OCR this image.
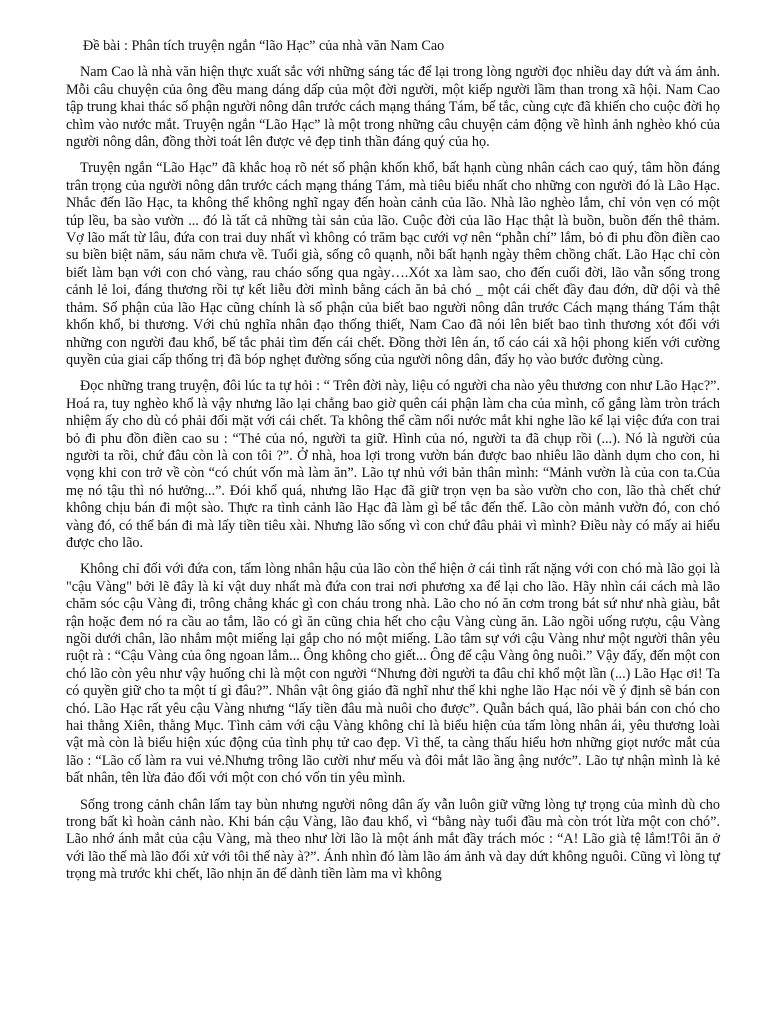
Đề bài : Phân tích truyện ngắn “lão Hạc” của nhà văn Nam Cao

Nam Cao là nhà văn hiện thực xuất sắc với những sáng tác để lại trong lòng người đọc nhiều day dứt và ám ảnh. Mỗi câu chuyện của ông đều mang dáng dấp của một đời người, một kiếp người lầm than trong xã hội. Nam Cao tập trung khai thác số phận người nông dân trước cách mạng tháng Tám, bế tắc, cùng cực đã khiến cho cuộc đời họ chìm vào nước mắt. Truyện ngắn “Lão Hạc” là một trong những câu chuyện cảm động về hình ảnh nghèo khó của người nông dân, đồng thời toát lên được vẻ đẹp tinh thần đáng quý của họ.

Truyện ngắn “Lão Hạc” đã khắc hoạ rõ nét số phận khốn khổ, bất hạnh cùng nhân cách cao quý, tâm hồn đáng trân trọng của người nông dân trước cách mạng tháng Tám, mà tiêu biểu nhất cho những con người đó là Lão Hạc. Nhắc đến lão Hạc, ta không thể không nghĩ ngay đến hoàn cảnh của lão. Nhà lão nghèo lắm, chỉ vỏn vẹn có một túp lều, ba sào vườn ... đó là tất cả những tài sản của lão. Cuộc đời của lão Hạc thật là buồn, buồn đến thê thảm. Vợ lão mất từ lâu, đứa con trai duy nhất vì không có trăm bạc cưới vợ nên “phẫn chí” lắm, bỏ đi phu đồn điền cao su biền biệt năm, sáu năm chưa về. Tuổi già, sống cô quạnh, nỗi bất hạnh ngày thêm chồng chất. Lão Hạc chỉ còn biết làm bạn với con chó vàng, rau cháo sống qua ngày….Xót xa làm sao, cho đến cuối đời, lão vẫn sống trong cảnh lẻ loi, đáng thương rồi tự kết liễu đời mình bằng cách ăn bả chó _ một cái chết đầy đau đớn, dữ dội và thê thảm. Số phận của lão Hạc cũng chính là số phận của biết bao người nông dân trước Cách mạng tháng Tám thật khốn khổ, bi thương. Với chủ nghĩa nhân đạo thống thiết, Nam Cao đã nói lên biết bao tình thương xót đối với những con người đau khổ, bế tắc phải tìm đến cái chết. Đồng thời lên án, tố cáo cái xã hội phong kiến với cường quyền của giai cấp thống trị đã bóp nghẹt đường sống của người nông dân, đẩy họ vào bước đường cùng.

Đọc những trang truyện, đôi lúc ta tự hỏi : “ Trên đời này, liệu có người cha nào yêu thương con như Lão Hạc?”. Hoá ra, tuy nghèo khổ là vậy nhưng lão lại chẳng bao giờ quên cái phận làm cha của mình, cố gắng làm tròn trách nhiệm ấy cho dù có phải đối mặt với cái chết. Ta không thể cầm nổi nước mắt khi nghe lão kể lại việc đứa con trai bỏ đi phu đồn điền cao su : “Thẻ của nó, người ta giữ. Hình của nó, người ta đã chụp rồi (...). Nó là người của người ta rồi, chứ đâu còn là con tôi ?”. Ở nhà, hoa lợi trong vườn bán được bao nhiêu lão dành dụm cho con, hi vọng khi con trở về còn “có chút vốn mà làm ăn”. Lão tự nhủ với bản thân mình: “Mảnh vườn là của con ta.Của mẹ nó tậu thì nó hưởng...”. Đói khổ quá, nhưng lão Hạc đã giữ trọn vẹn ba sào vườn cho con, lão thà chết chứ không chịu bán đi một sào. Thực ra tình cảnh lão Hạc đã làm gì bế tắc đến thế. Lão còn mảnh vườn đó, con chó vàng đó, có thể bán đi mà lấy tiền tiêu xài. Nhưng lão sống vì con chứ đâu phải vì mình? Điều này có mấy ai hiểu được cho lão.

Không chỉ đối với đứa con, tấm lòng nhân hậu của lão còn thể hiện ở cái tình rất nặng với con chó mà lão gọi là "cậu Vàng" bởi lẽ đây là kỉ vật duy nhất mà đứa con trai nơi phương xa để lại cho lão. Hãy nhìn cái cách mà lão chăm sóc cậu Vàng đi, trông chẳng khác gì con cháu trong nhà. Lão cho nó ăn cơm trong bát sứ như nhà giàu, bắt rận hoặc đem nó ra cầu ao tắm, lão có gì ăn cũng chia hết cho cậu Vàng cùng ăn. Lão ngồi uống rượu, cậu Vàng ngồi dưới chân, lão nhắm một miếng lại gắp cho nó một miếng. Lão tâm sự với cậu Vàng như một người thân yêu ruột rà : “Cậu Vàng của ông ngoan lắm... Ông không cho giết... Ông để cậu Vàng ông nuôi.” Vậy đấy, đến một con chó lão còn yêu như vậy huống chi là một con người “Nhưng đời người ta đâu chỉ khổ một lần (...) Lão Hạc ơi! Ta có quyền giữ cho ta một tí gì đâu?”. Nhân vật ông giáo đã nghĩ như thế khi nghe lão Hạc nói về ý định sẽ bán con chó. Lão Hạc rất yêu cậu Vàng nhưng “lấy tiền đâu mà nuôi cho được”. Quẫn bách quá, lão phải bán con chó cho hai thằng Xiên, thằng Mục. Tình cảm với cậu Vàng không chỉ là biểu hiện của tấm lòng nhân ái, yêu thương loài vật mà còn là biểu hiện xúc động của tình phụ tử cao đẹp. Vì thế, ta càng thấu hiểu hơn những giọt nước mắt của lão : “Lão cố làm ra vui vẻ.Nhưng trông lão cười như mếu và đôi mắt lão ầng ậng nước”. Lão tự nhận mình là kẻ bất nhân, tên lừa đảo đối với một con chó vốn tin yêu mình.

Sống trong cảnh chân lấm tay bùn nhưng người nông dân ấy vẫn luôn giữ vững lòng tự trọng của mình dù cho trong bất kì hoàn cảnh nào. Khi bán cậu Vàng, lão đau khổ, vì “bằng này tuổi đầu mà còn trót lừa một con chó”. Lão nhớ ánh mắt của cậu Vàng, mà theo như lời lão là một ánh mắt đầy trách móc : “A! Lão già tệ lắm!Tôi ăn ở với lão thế mà lão đối xử với tôi thế này à?”. Ánh nhìn đó làm lão ám ảnh và day dứt không nguôi. Cũng vì lòng tự trọng mà trước khi chết, lão nhịn ăn để dành tiền làm ma vì không
